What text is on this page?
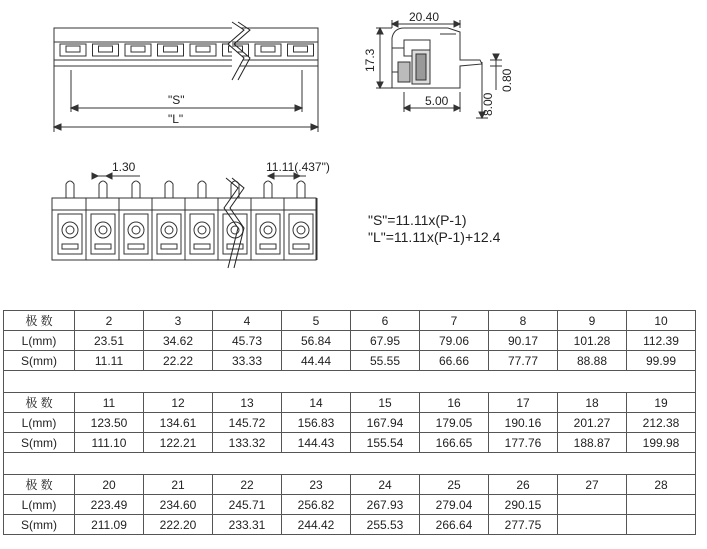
"S"
"L"
20.40
17.3
5.00	8.00
0.80
1.30	11.11(.437")
"S"=11.11x(P-1)
"L"=11.11x(P-1)+12.4
极 数	2	3	4	5	6	7	8	9	10
L(mm)	23.51	34.62	45.73	56.84	67.95	79.06	90.17	101.28	112.39
S(mm)	11.11	22.22	33.33	44.44	55.55	66.66	77.77	88.88	99.99

极 数	11	12	13	14	15	16	17	18	19
L(mm)	123.50	134.61	145.72	156.83	167.94	179.05	190.16	201.27	212.38
S(mm)	111.10	122.21	133.32	144.43	155.54	166.65	177.76	188.87	199.98

极 数	20	21	22	23	24	25	26	27	28
L(mm)	223.49	234.60	245.71	256.82	267.93	279.04	290.15		
S(mm)	211.09	222.20	233.31	244.42	255.53	266.64	277.75		
